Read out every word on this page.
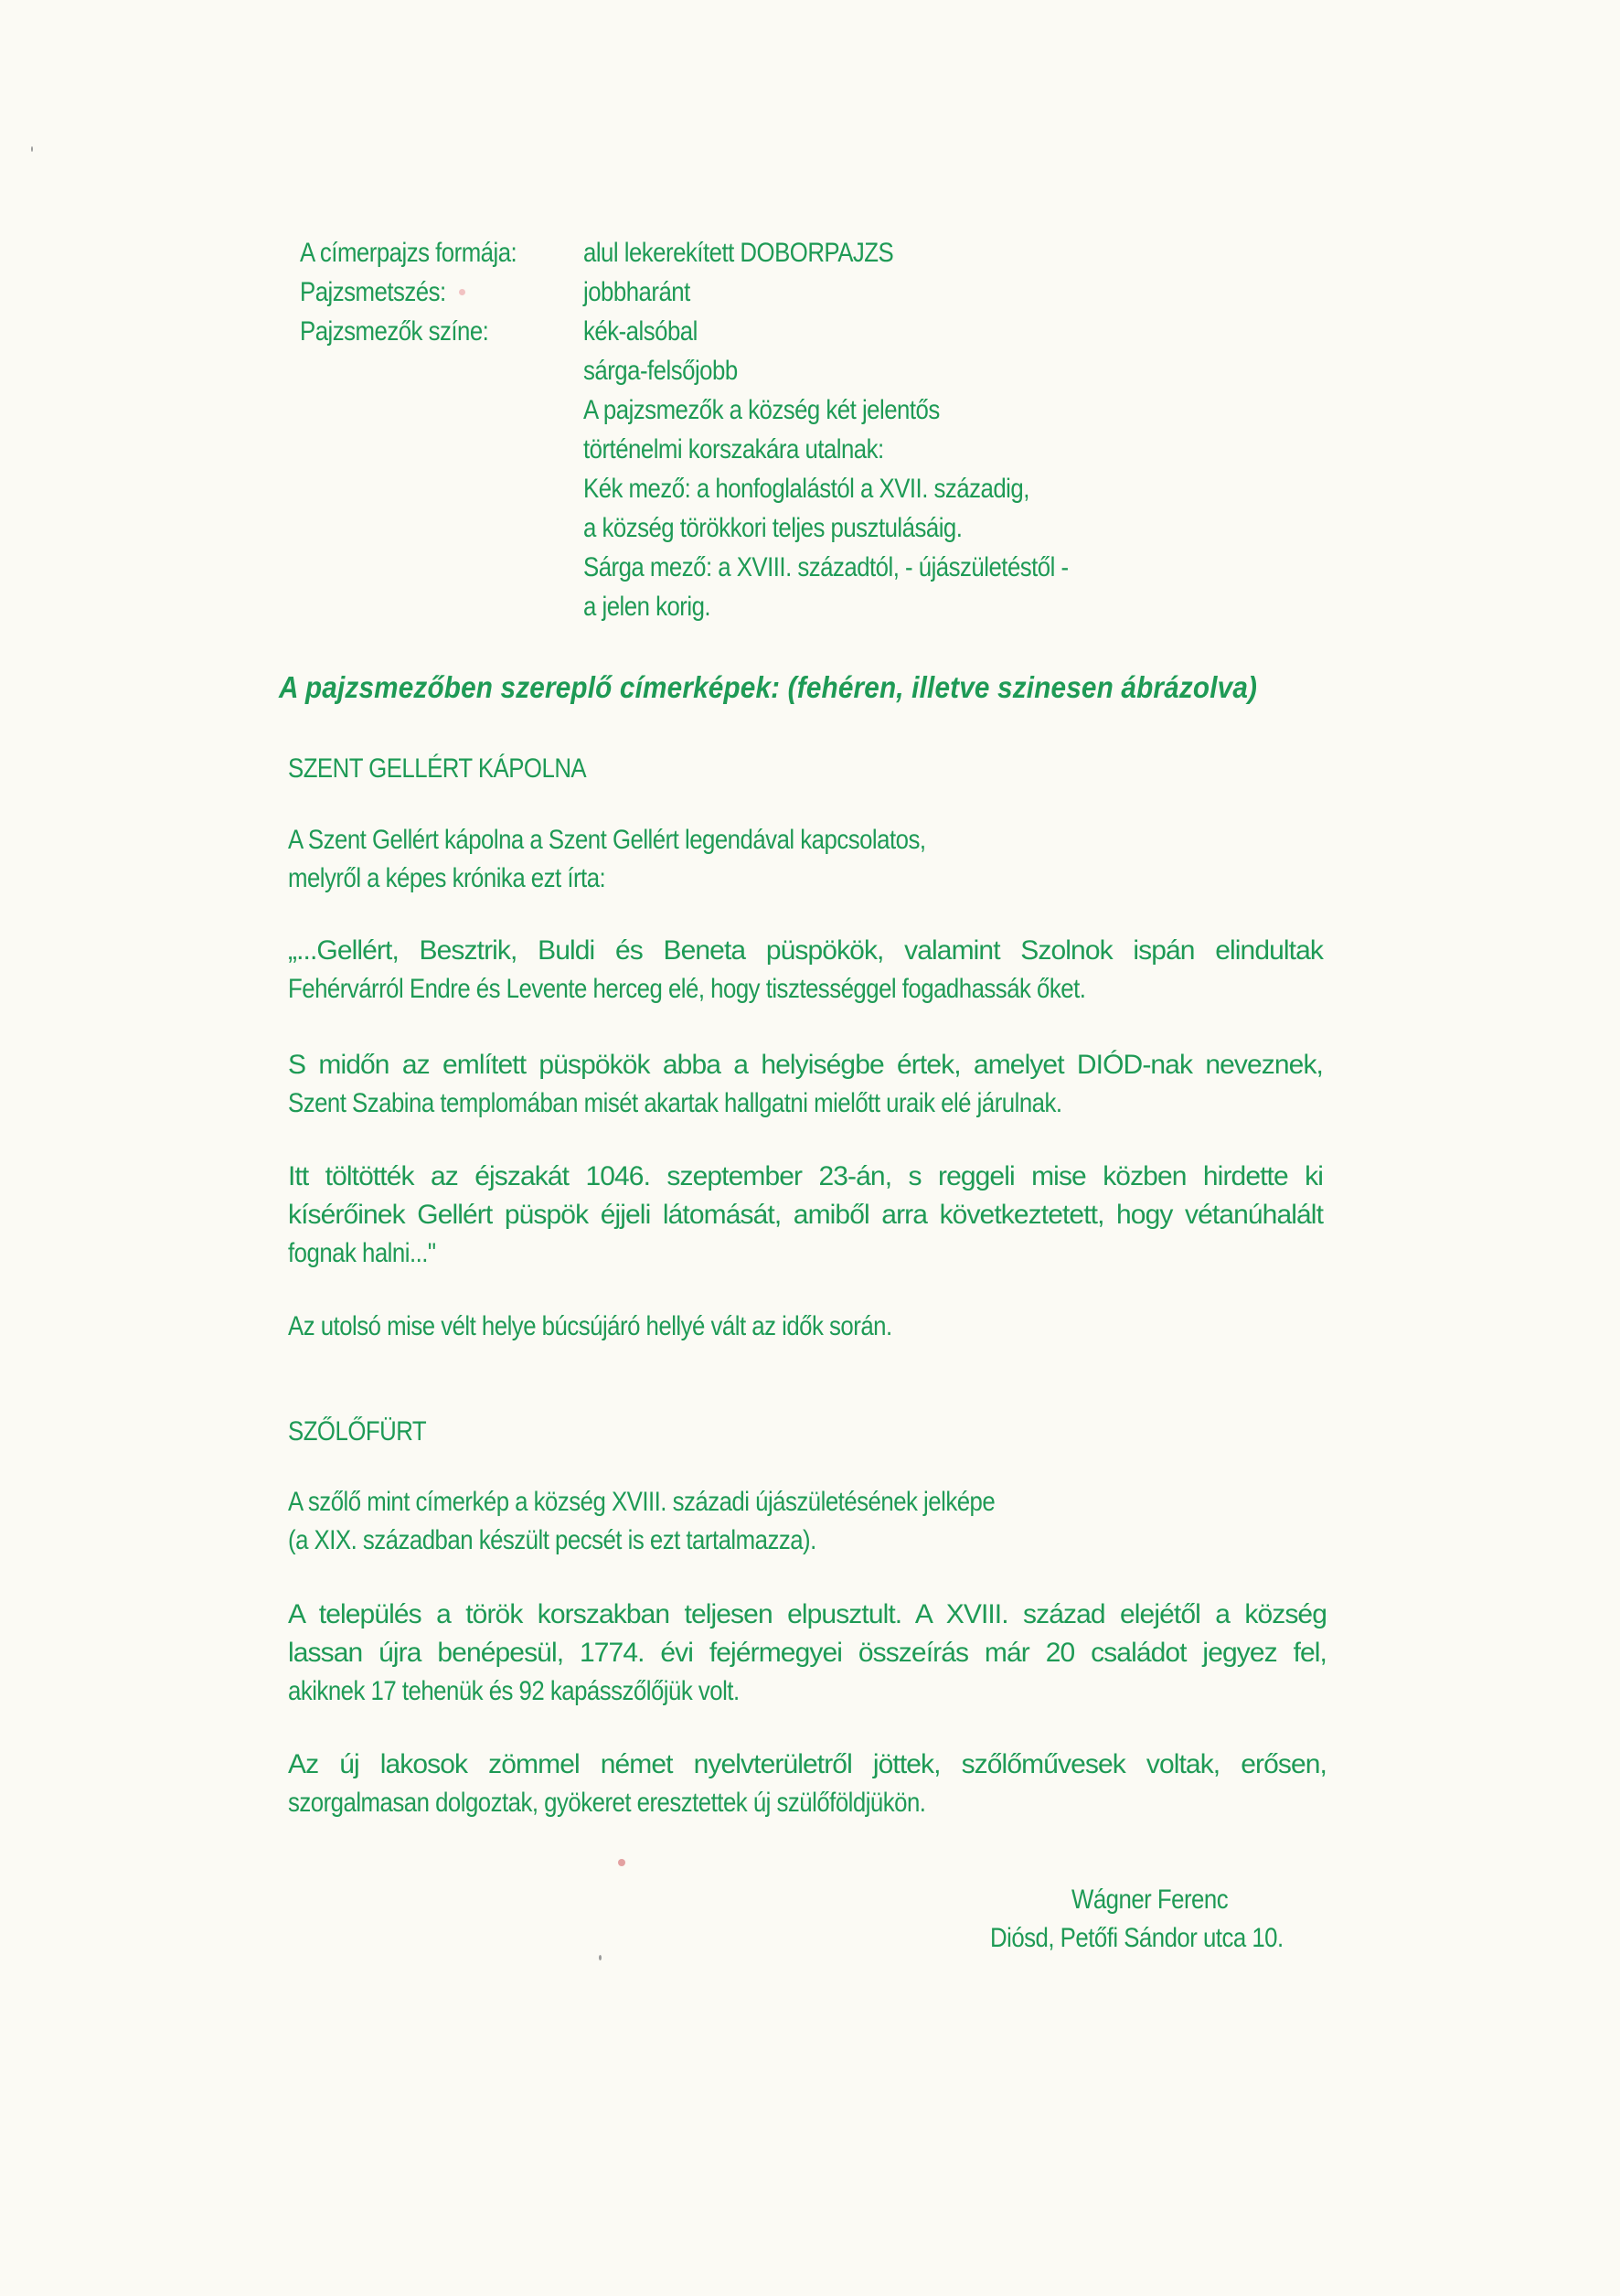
A címerpajzs formája: alul lekerekített DOBORPAJZS
Pajzsmetszés:	jobbharánt
Pajzsmezők színe:	kék-alsóbal
sárga-felsőjobb
A pajzsmezők a község két jelentős
történelmi korszakára utalnak:
Kék mező: a honfoglalástól a XVII. századig,
a község törökkori teljes pusztulásáig.
Sárga mező: a XVIII. századtól, - újászületéstől -
a jelen korig.
A pajzsmezőben szereplő címerképek: (fehéren, illetve szinesen ábrázolva)
SZENT GELLÉRT KÁPOLNA
A Szent Gellért kápolna a Szent Gellért legendával kapcsolatos,
melyről a képes krónika ezt írta:
„...Gellért, Besztrik, Buldi és Beneta püspökök, valamint Szolnok ispán elindultak
Fehérvárról Endre és Levente herceg elé, hogy tisztességgel fogadhassák őket.
S midőn az említett püspökök abba a helyiségbe értek, amelyet DIÓD-nak neveznek,
Szent Szabina templomában misét akartak hallgatni mielőtt uraik elé járulnak.
Itt töltötték az éjszakát 1046. szeptember 23-án, s reggeli mise közben hirdette ki
kísérőinek Gellért püspök éjjeli látomását, amiből arra következtetett, hogy vétanúhalált
fognak halni..."
Az utolsó mise vélt helye búcsújáró hellyé vált az idők során.
SZŐLŐFÜRT
A szőlő mint címerkép a község XVIII. századi újászületésének jelképe
(a XIX. században készült pecsét is ezt tartalmazza).
A település a török korszakban teljesen elpusztult. A XVIII. század elejétől a község
lassan újra benépesül, 1774. évi fejérmegyei összeírás már 20 családot jegyez fel,
akiknek 17 tehenük és 92 kapásszőlőjük volt.
Az új lakosok zömmel német nyelvterületről jöttek, szőlőművesek voltak, erősen,
szorgalmasan dolgoztak, gyökeret eresztettek új szülőföldjükön.
Wágner Ferenc
Diósd, Petőfi Sándor utca 10.
